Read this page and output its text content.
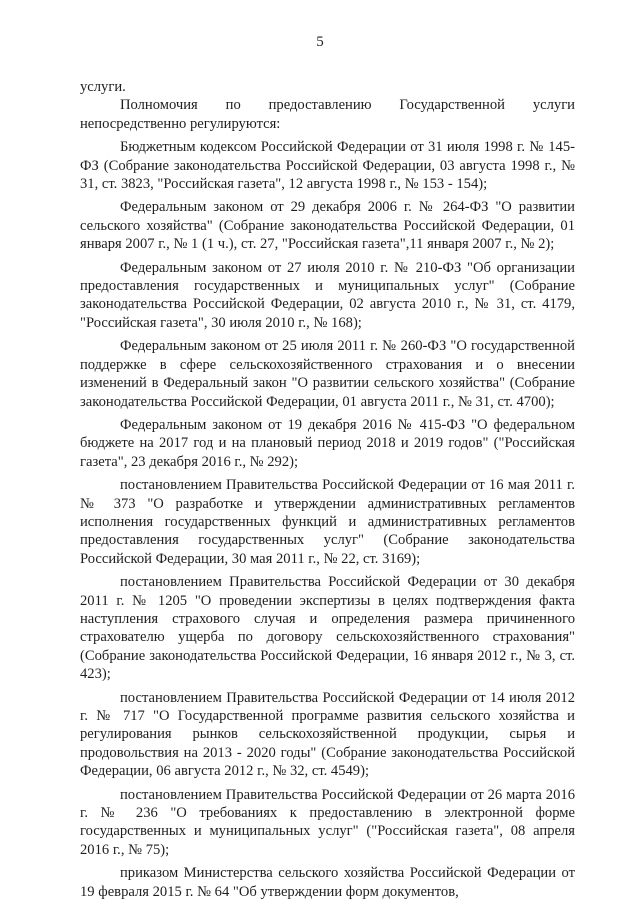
5

услуги.

Полномочия по предоставлению Государственной услуги непосредственно регулируются:

Бюджетным кодексом Российской Федерации от 31 июля 1998 г. № 145-ФЗ (Собрание законодательства Российской Федерации, 03 августа 1998 г., № 31, ст. 3823, "Российская газета", 12 августа 1998 г., № 153 - 154);

Федеральным законом от 29 декабря 2006 г. № 264-ФЗ "О развитии сельского хозяйства" (Собрание законодательства Российской Федерации, 01 января 2007 г., № 1 (1 ч.), ст. 27, "Российская газета",11 января 2007 г., № 2);

Федеральным законом от 27 июля 2010 г. № 210-ФЗ "Об организации предоставления государственных и муниципальных услуг" (Собрание законодательства Российской Федерации, 02 августа 2010 г., № 31, ст. 4179, "Российская газета", 30 июля 2010 г., № 168);

Федеральным законом от 25 июля 2011 г. № 260-ФЗ "О государственной поддержке в сфере сельскохозяйственного страхования и о внесении изменений в Федеральный закон "О развитии сельского хозяйства" (Собрание законодательства Российской Федерации, 01 августа 2011 г., № 31, ст. 4700);

Федеральным законом от 19 декабря 2016 № 415-ФЗ "О федеральном бюджете на 2017 год и на плановый период 2018 и 2019 годов" ("Российская газета", 23 декабря 2016 г., № 292);

постановлением Правительства Российской Федерации от 16 мая 2011 г. № 373 "О разработке и утверждении административных регламентов исполнения государственных функций и административных регламентов предоставления государственных услуг" (Собрание законодательства Российской Федерации, 30 мая 2011 г., № 22, ст. 3169);

постановлением Правительства Российской Федерации от 30 декабря 2011 г. № 1205 "О проведении экспертизы в целях подтверждения факта наступления страхового случая и определения размера причиненного страхователю ущерба по договору сельскохозяйственного страхования" (Собрание законодательства Российской Федерации, 16 января 2012 г., № 3, ст. 423);

постановлением Правительства Российской Федерации от 14 июля 2012 г. № 717 "О Государственной программе развития сельского хозяйства и регулирования рынков сельскохозяйственной продукции, сырья и продовольствия на 2013 - 2020 годы" (Собрание законодательства Российской Федерации, 06 августа 2012 г., № 32, ст. 4549);

постановлением Правительства Российской Федерации от 26 марта 2016 г. № 236 "О требованиях к предоставлению в электронной форме государственных и муниципальных услуг" ("Российская газета", 08 апреля 2016 г., № 75);

приказом Министерства сельского хозяйства Российской Федерации от 19 февраля 2015 г. № 64 "Об утверждении форм документов,
